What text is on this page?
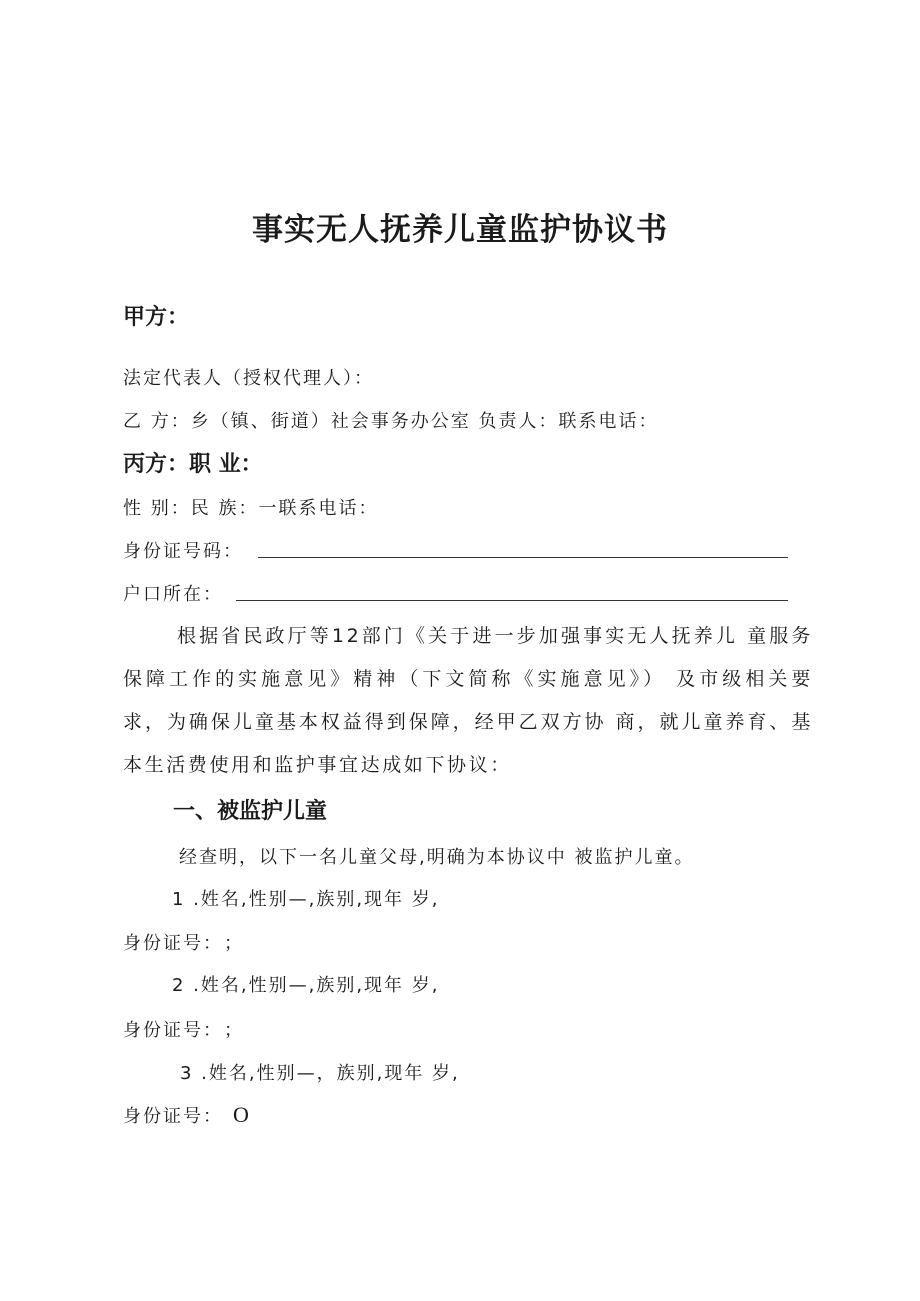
事实无人抚养儿童监护协议书
甲方：
法定代表人（授权代理人）：
乙 方：乡（镇、街道）社会事务办公室 负责人：联系电话：
丙方：职 业：
性 别：民 族：一联系电话：
身份证号码：
户口所在：
根据省民政厅等12部门《关于进一步加强事实无人抚养儿 童服务保障工作的实施意见》精神（下文简称《实施意见》） 及市级相关要求，为确保儿童基本权益得到保障，经甲乙双方协 商，就儿童养育、基本生活费使用和监护事宜达成如下协议：
一、被监护儿童
经查明，以下一名儿童父母,明确为本协议中 被监护儿童。
1 .姓名,性别—,族别,现年 岁,
身份证号： ；
2 .姓名,性别—,族别,现年 岁,
身份证号： ；
3 .姓名,性别—，族别,现年 岁,
身份证号： O
